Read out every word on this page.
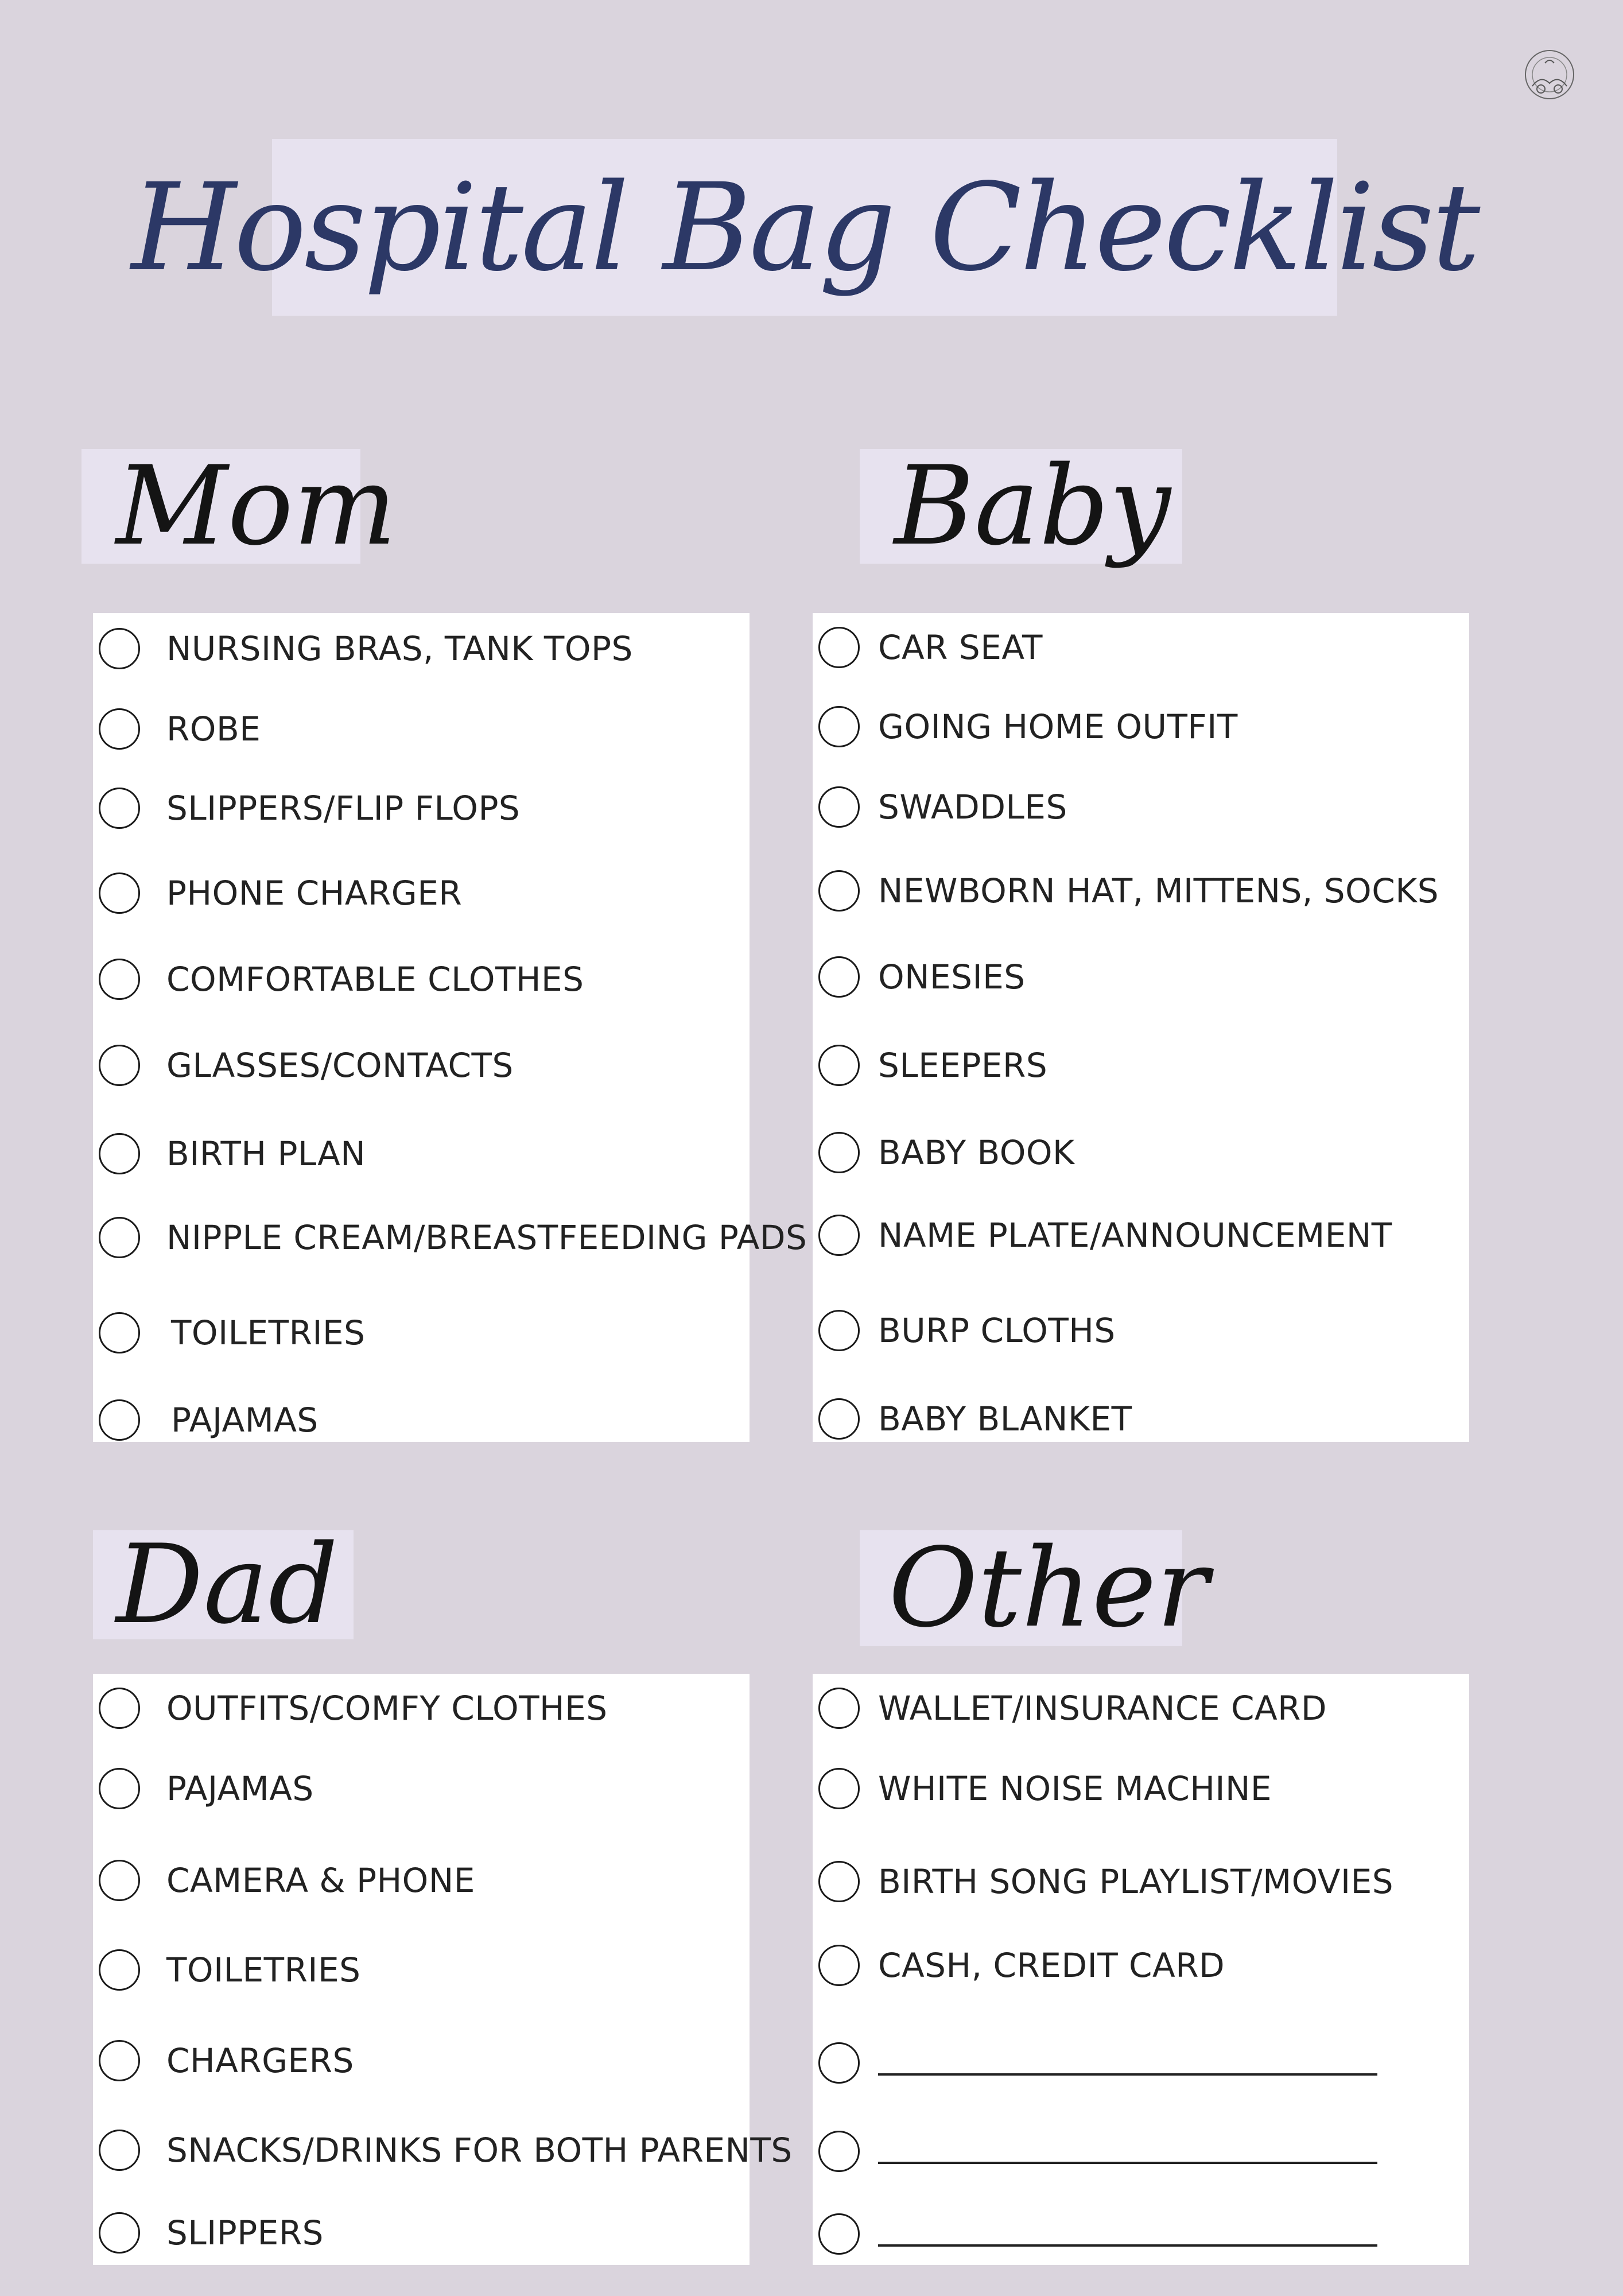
Hospital Bag Checklist
Mom	Baby
Dad	Other
NURSING BRAS, TANK TOPS
ROBE
SLIPPERS/FLIP FLOPS
PHONE CHARGER
COMFORTABLE CLOTHES
GLASSES/CONTACTS
BIRTH PLAN
NIPPLE CREAM/BREASTFEEDING PADS
TOILETRIES
PAJAMAS
CAR SEAT
GOING HOME OUTFIT
SWADDLES
NEWBORN HAT, MITTENS, SOCKS
ONESIES
SLEEPERS
BABY BOOK
NAME PLATE/ANNOUNCEMENT
BURP CLOTHS
BABY BLANKET
OUTFITS/COMFY CLOTHES
PAJAMAS
CAMERA & PHONE
TOILETRIES
CHARGERS
SNACKS/DRINKS FOR BOTH PARENTS
SLIPPERS
WALLET/INSURANCE CARD
WHITE NOISE MACHINE
BIRTH SONG PLAYLIST/MOVIES
CASH, CREDIT CARD
